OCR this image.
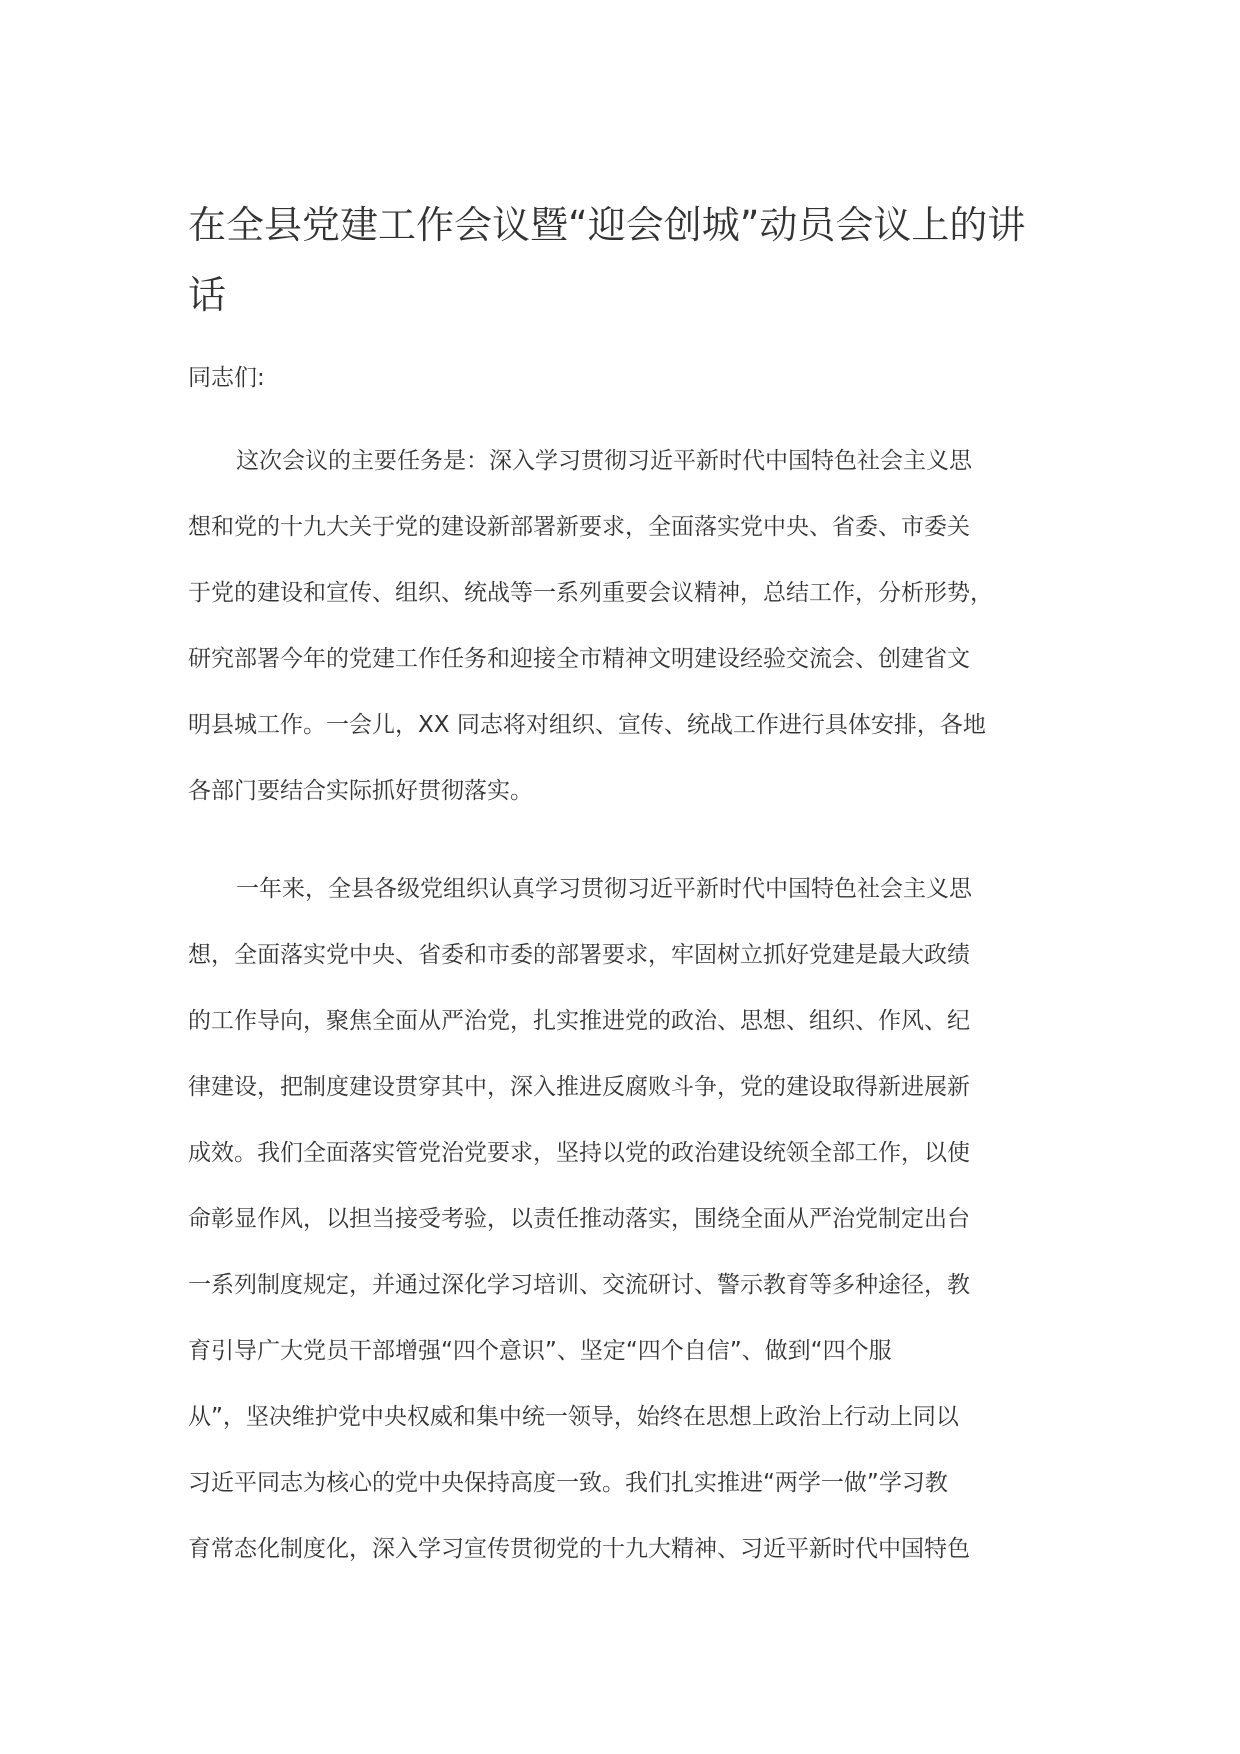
在全县党建工作会议暨“迎会创城”动员会议上的讲话
同志们:
这次会议的主要任务是：深入学习贯彻习近平新时代中国特色社会主义思
想和党的十九大关于党的建设新部署新要求，全面落实党中央、省委、市委关
于党的建设和宣传、组织、统战等一系列重要会议精神，总结工作，分析形势，
研究部署今年的党建工作任务和迎接全市精神文明建设经验交流会、创建省文
明县城工作。一会儿，XX 同志将对组织、宣传、统战工作进行具体安排，各地
各部门要结合实际抓好贯彻落实。
一年来，全县各级党组织认真学习贯彻习近平新时代中国特色社会主义思
想，全面落实党中央、省委和市委的部署要求，牢固树立抓好党建是最大政绩
的工作导向，聚焦全面从严治党，扎实推进党的政治、思想、组织、作风、纪
律建设，把制度建设贯穿其中，深入推进反腐败斗争，党的建设取得新进展新
成效。我们全面落实管党治党要求，坚持以党的政治建设统领全部工作，以使
命彰显作风，以担当接受考验，以责任推动落实，围绕全面从严治党制定出台
一系列制度规定，并通过深化学习培训、交流研讨、警示教育等多种途径，教
育引导广大党员干部增强“四个意识”、坚定“四个自信”、做到“四个服
从”，坚决维护党中央权威和集中统一领导，始终在思想上政治上行动上同以
习近平同志为核心的党中央保持高度一致。我们扎实推进“两学一做”学习教
育常态化制度化，深入学习宣传贯彻党的十九大精神、习近平新时代中国特色
